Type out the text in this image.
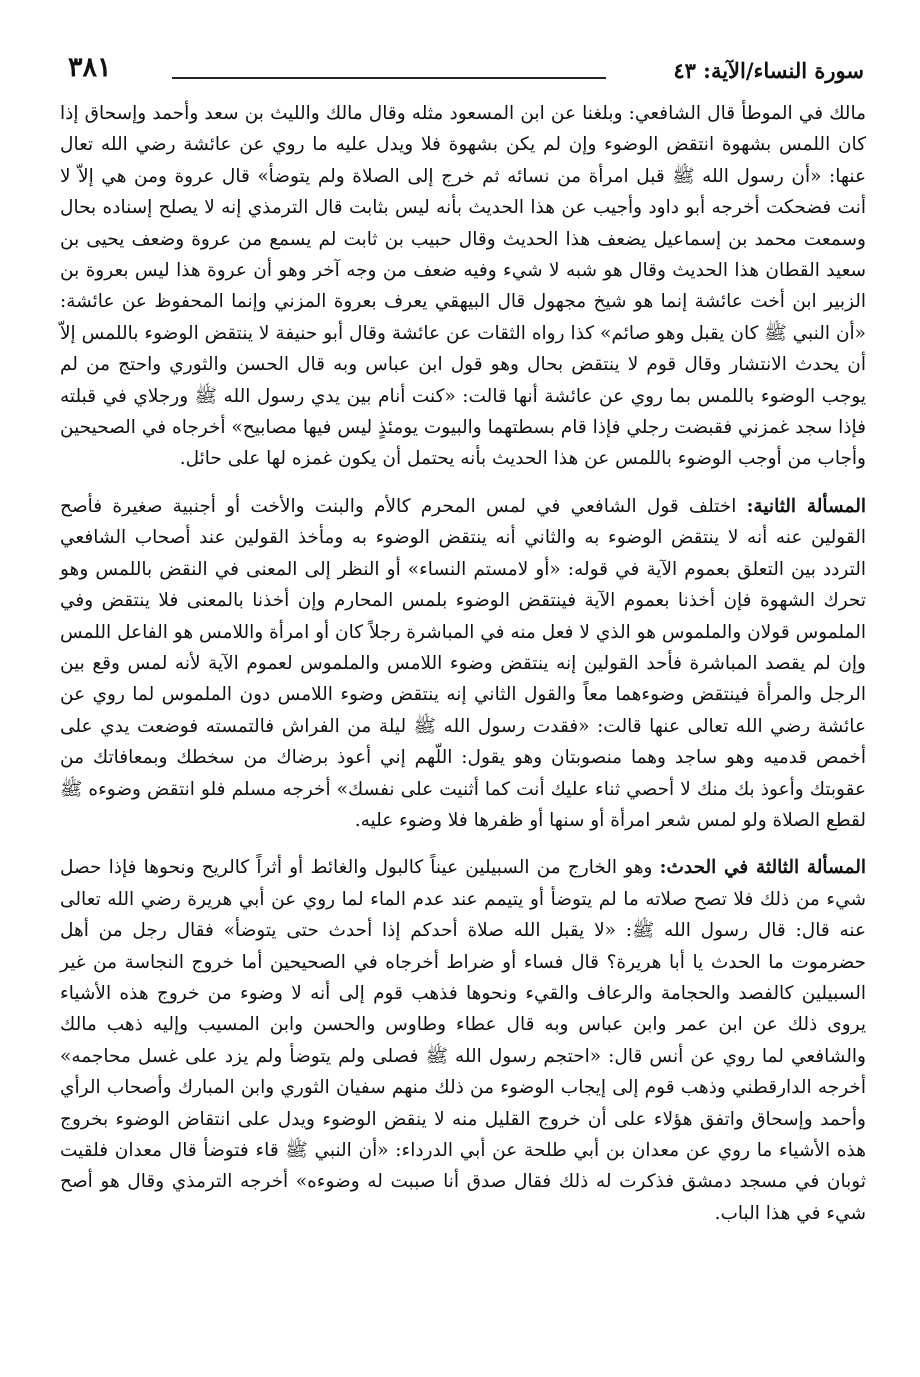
سورة النساء/الآية: ٤٣
٣٨١

مالك في الموطأ قال الشافعي: وبلغنا عن ابن المسعود مثله وقال مالك والليث بن سعد وأحمد وإسحاق إذا كان اللمس بشهوة انتقض الوضوء وإن لم يكن بشهوة فلا ويدل عليه ما روي عن عائشة رضي الله تعال عنها: «أن رسول الله ﷺ قبل امرأة من نسائه ثم خرج إلى الصلاة ولم يتوضأ» قال عروة ومن هي إلاّ لا أنت فضحكت أخرجه أبو داود وأجيب عن هذا الحديث بأنه ليس بثابت قال الترمذي إنه لا يصلح إسناده بحال وسمعت محمد بن إسماعيل يضعف هذا الحديث وقال حبيب بن ثابت لم يسمع من عروة وضعف يحيى بن سعيد القطان هذا الحديث وقال هو شبه لا شيء وفيه ضعف من وجه آخر وهو أن عروة هذا ليس بعروة بن الزبير ابن أخت عائشة إنما هو شيخ مجهول قال البيهقي يعرف بعروة المزني وإنما المحفوظ عن عائشة: «أن النبي ﷺ كان يقبل وهو صائم» كذا رواه الثقات عن عائشة وقال أبو حنيفة لا ينتقض الوضوء باللمس إلاّ أن يحدث الانتشار وقال قوم لا ينتقض بحال وهو قول ابن عباس وبه قال الحسن والثوري واحتج من لم يوجب الوضوء باللمس بما روي عن عائشة أنها قالت: «كنت أنام بين يدي رسول الله ﷺ ورجلاي في قبلته فإذا سجد غمزني فقبضت رجلي فإذا قام بسطتهما والبيوت يومئذٍ ليس فيها مصابيح» أخرجاه في الصحيحين وأجاب من أوجب الوضوء باللمس عن هذا الحديث بأنه يحتمل أن يكون غمزه لها على حائل.

المسألة الثانية: اختلف قول الشافعي في لمس المحرم كالأم والبنت والأخت أو أجنبية صغيرة فأصح القولين عنه أنه لا ينتقض الوضوء به والثاني أنه ينتقض الوضوء به ومأخذ القولين عند أصحاب الشافعي التردد بين التعلق بعموم الآية في قوله: «أو لامستم النساء» أو النظر إلى المعنى في النقض باللمس وهو تحرك الشهوة فإن أخذنا بعموم الآية فينتقض الوضوء بلمس المحارم وإن أخذنا بالمعنى فلا ينتقض وفي الملموس قولان والملموس هو الذي لا فعل منه في المباشرة رجلاً كان أو امرأة واللامس هو الفاعل اللمس وإن لم يقصد المباشرة فأحد القولين إنه ينتقض وضوء اللامس والملموس لعموم الآية لأنه لمس وقع بين الرجل والمرأة فينتقض وضوءهما معاً والقول الثاني إنه ينتقض وضوء اللامس دون الملموس لما روي عن عائشة رضي الله تعالى عنها قالت: «فقدت رسول الله ﷺ ليلة من الفراش فالتمسته فوضعت يدي على أخمص قدميه وهو ساجد وهما منصوبتان وهو يقول: اللّهم إني أعوذ برضاك من سخطك وبمعافاتك من عقوبتك وأعوذ بك منك لا أحصي ثناء عليك أنت كما أثنيت على نفسك» أخرجه مسلم فلو انتقض وضوءه ﷺ لقطع الصلاة ولو لمس شعر امرأة أو سنها أو ظفرها فلا وضوء عليه.

المسألة الثالثة في الحدث: وهو الخارج من السبيلين عيناً كالبول والغائط أو أثراً كالريح ونحوها فإذا حصل شيء من ذلك فلا تصح صلاته ما لم يتوضأ أو يتيمم عند عدم الماء لما روي عن أبي هريرة رضي الله تعالى عنه قال: قال رسول الله ﷺ: «لا يقبل الله صلاة أحدكم إذا أحدث حتى يتوضأ» فقال رجل من أهل حضرموت ما الحدث يا أبا هريرة؟ قال فساء أو ضراط أخرجاه في الصحيحين أما خروج النجاسة من غير السبيلين كالفصد والحجامة والرعاف والقيء ونحوها فذهب قوم إلى أنه لا وضوء من خروج هذه الأشياء يروى ذلك عن ابن عمر وابن عباس وبه قال عطاء وطاوس والحسن وابن المسيب وإليه ذهب مالك والشافعي لما روي عن أنس قال: «احتجم رسول الله ﷺ فصلى ولم يتوضأ ولم يزد على غسل محاجمه» أخرجه الدارقطني وذهب قوم إلى إيجاب الوضوء من ذلك منهم سفيان الثوري وابن المبارك وأصحاب الرأي وأحمد وإسحاق واتفق هؤلاء على أن خروج القليل منه لا ينقض الوضوء ويدل على انتقاض الوضوء بخروج هذه الأشياء ما روي عن معدان بن أبي طلحة عن أبي الدرداء: «أن النبي ﷺ قاء فتوضأ قال معدان فلقيت ثوبان في مسجد دمشق فذكرت له ذلك فقال صدق أنا صببت له وضوءه» أخرجه الترمذي وقال هو أصح شيء في هذا الباب.
